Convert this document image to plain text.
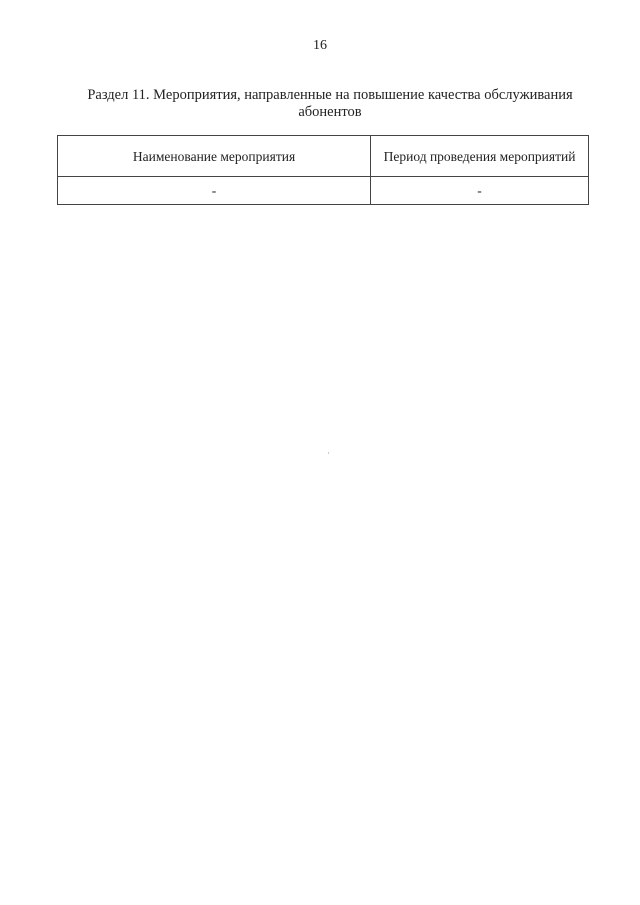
16
Раздел 11. Мероприятия, направленные на повышение качества обслуживания абонентов
Наименование мероприятия	Период проведения мероприятий
-	-
